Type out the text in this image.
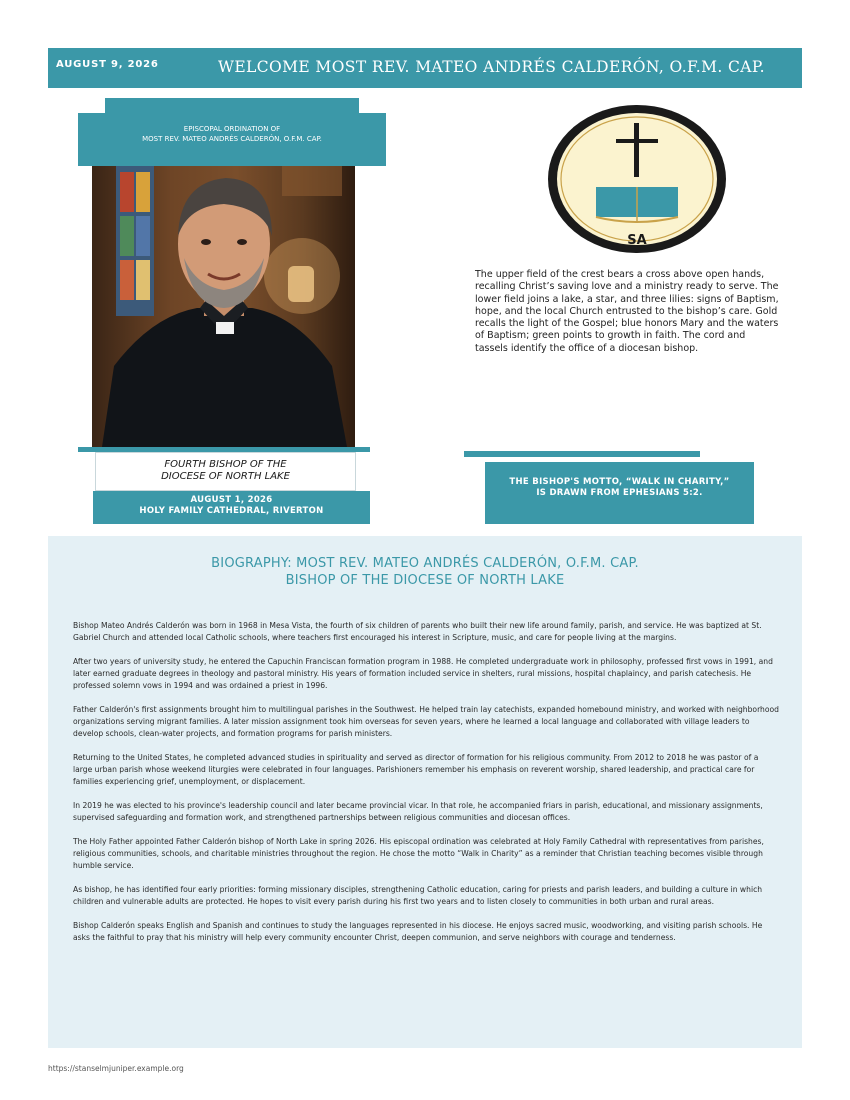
AUGUST 9, 2026	WELCOME MOST REV. MATEO ANDRÉS CALDERÓN, O.F.M. CAP.
EPISCOPAL ORDINATION OF
MOST REV. MATEO ANDRÉS CALDERÓN, O.F.M. CAP.
FOURTH BISHOP OF THE
DIOCESE OF NORTH LAKE
AUGUST 1, 2026
HOLY FAMILY CATHEDRAL, RIVERTON
SA
The upper field of the crest bears a cross above open hands, recalling Christ’s saving love and a ministry ready to serve. The lower field joins a lake, a star, and three lilies: signs of Baptism, hope, and the local Church entrusted to the bishop’s care. Gold recalls the light of the Gospel; blue honors Mary and the waters of Baptism; green points to growth in faith. The cord and tassels identify the office of a diocesan bishop.
THE BISHOP'S MOTTO, “WALK IN CHARITY,”
IS DRAWN FROM EPHESIANS 5:2.
BIOGRAPHY: MOST REV. MATEO ANDRÉS CALDERÓN, O.F.M. CAP.
BISHOP OF THE DIOCESE OF NORTH LAKE

Bishop Mateo Andrés Calderón was born in 1968 in Mesa Vista, the fourth of six children of parents who built their new life around family, parish, and service. He was baptized at St. Gabriel Church and attended local Catholic schools, where teachers first encouraged his interest in Scripture, music, and care for people living at the margins.

After two years of university study, he entered the Capuchin Franciscan formation program in 1988. He completed undergraduate work in philosophy, professed first vows in 1991, and later earned graduate degrees in theology and pastoral ministry. His years of formation included service in shelters, rural missions, hospital chaplaincy, and parish catechesis. He professed solemn vows in 1994 and was ordained a priest in 1996.

Father Calderón's first assignments brought him to multilingual parishes in the Southwest. He helped train lay catechists, expanded homebound ministry, and worked with neighborhood organizations serving migrant families. A later mission assignment took him overseas for seven years, where he learned a local language and collaborated with village leaders to develop schools, clean-water projects, and formation programs for parish ministers.

Returning to the United States, he completed advanced studies in spirituality and served as director of formation for his religious community. From 2012 to 2018 he was pastor of a large urban parish whose weekend liturgies were celebrated in four languages. Parishioners remember his emphasis on reverent worship, shared leadership, and practical care for families experiencing grief, unemployment, or displacement.

In 2019 he was elected to his province's leadership council and later became provincial vicar. In that role, he accompanied friars in parish, educational, and missionary assignments, supervised safeguarding and formation work, and strengthened partnerships between religious communities and diocesan offices.

The Holy Father appointed Father Calderón bishop of North Lake in spring 2026. His episcopal ordination was celebrated at Holy Family Cathedral with representatives from parishes, religious communities, schools, and charitable ministries throughout the region. He chose the motto “Walk in Charity” as a reminder that Christian teaching becomes visible through humble service.

As bishop, he has identified four early priorities: forming missionary disciples, strengthening Catholic education, caring for priests and parish leaders, and building a culture in which children and vulnerable adults are protected. He hopes to visit every parish during his first two years and to listen closely to communities in both urban and rural areas.

Bishop Calderón speaks English and Spanish and continues to study the languages represented in his diocese. He enjoys sacred music, woodworking, and visiting parish schools. He asks the faithful to pray that his ministry will help every community encounter Christ, deepen communion, and serve neighbors with courage and tenderness.

https://stanselmjuniper.example.org
